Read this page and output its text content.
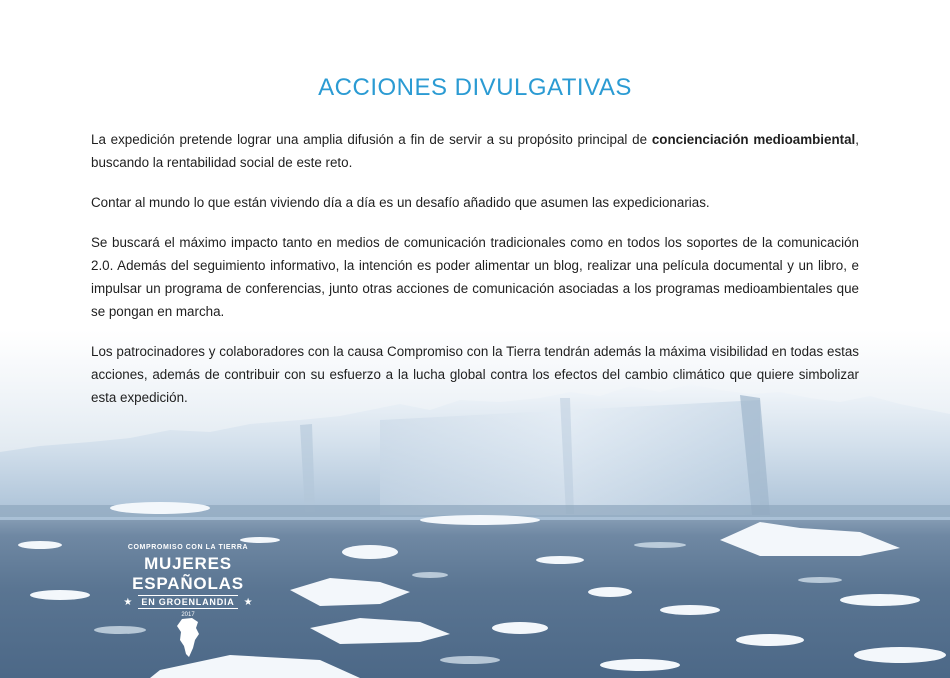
ACCIONES DIVULGATIVAS

La expedición pretende lograr una amplia difusión a fin de servir a su propósito principal de concienciación medioambiental, buscando la rentabilidad social de este reto.

Contar al mundo lo que están viviendo día a día es un desafío añadido que asumen las expedicionarias.

Se buscará el máximo impacto tanto en medios de comunicación tradicionales como en todos los soportes de la comunicación 2.0. Además del seguimiento informativo, la intención es poder alimentar un blog, realizar una película documental y un libro, e impulsar un programa de conferencias, junto otras acciones de comunicación asociadas a los programas medioambientales que se pongan en marcha.

Los patrocinadores y colaboradores con la causa Compromiso con la Tierra tendrán además la máxima visibilidad en todas estas acciones, además de contribuir con su esfuerzo a la lucha global contra los efectos del cambio climático que quiere simbolizar esta expedición.

COMPROMISO CON LA TIERRA
MUJERES ESPAÑOLAS
★	EN GROENLANDIA ★
2017
